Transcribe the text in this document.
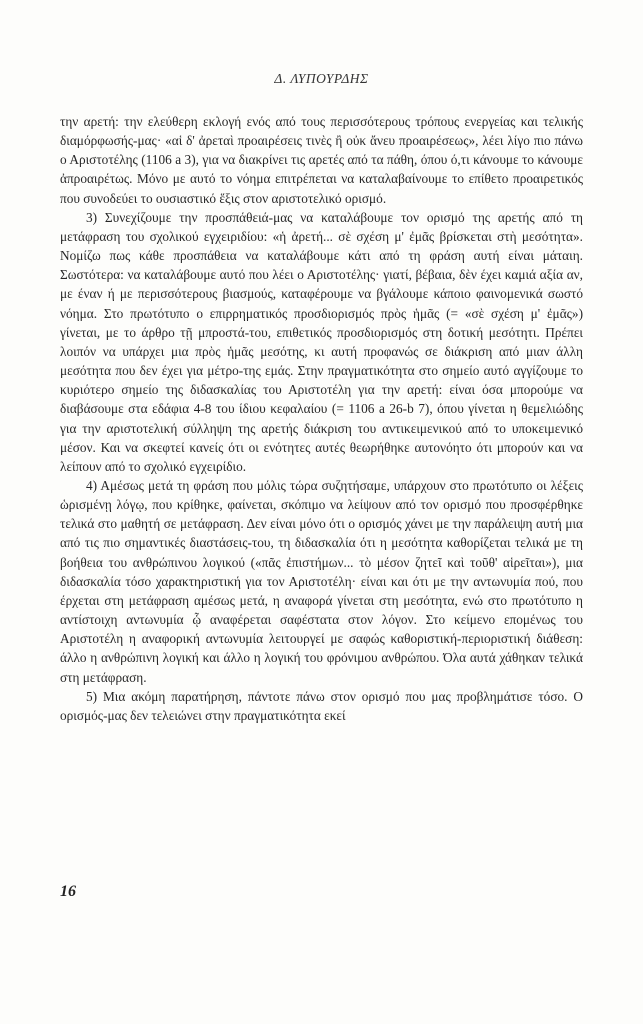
Δ. ΛΥΠΟΥΡΔΗΣ

την αρετή: την ελεύθερη εκλογή ενός από τους περισσότερους τρόπους ενεργείας και τελικής διαμόρφωσής-μας· «αἱ δ' ἀρεταὶ προαιρέσεις τινὲς ἢ οὐκ ἄνευ προαιρέσεως», λέει λίγο πιο πάνω ο Αριστοτέλης (1106 a 3), για να διακρίνει τις αρετές από τα πάθη, όπου ό,τι κάνουμε το κάνουμε ἀπροαιρέτως. Μόνο με αυτό το νόημα επιτρέπεται να καταλαβαίνουμε το επίθετο προαιρετικός που συνοδεύει το ουσιαστικό ἕξις στον αριστοτελικό ορισμό.

3) Συνεχίζουμε την προσπάθειά-μας να καταλάβουμε τον ορισμό της αρετής από τη μετάφραση του σχολικού εγχειριδίου: «ἡ ἀρετή... σὲ σχέση μ' ἐμᾶς βρίσκεται στὴ μεσότητα». Νομίζω πως κάθε προσπάθεια να καταλάβουμε κάτι από τη φράση αυτή είναι μάταιη. Σωστότερα: να καταλάβουμε αυτό που λέει ο Αριστοτέλης· γιατί, βέβαια, δὲν έχει καμιά αξία αν, με έναν ή με περισσότερους βιασμούς, καταφέρουμε να βγάλουμε κάποιο φαινομενικά σωστό νόημα. Στο πρωτότυπο ο επιρρηματικός προσδιορισμός πρὸς ἡμᾶς (= «σὲ σχέση μ' ἐμᾶς») γίνεται, με το άρθρο τῇ μπροστά-του, επιθετικός προσδιορισμός στη δοτική μεσότητι. Πρέπει λοιπόν να υπάρχει μια πρὸς ἡμᾶς μεσότης, κι αυτή προφανώς σε διάκριση από μιαν άλλη μεσότητα που δεν έχει για μέτρο-της εμάς. Στην πραγματικότητα στο σημείο αυτό αγγίζουμε το κυριότερο σημείο της διδασκαλίας του Αριστοτέλη για την αρετή: είναι όσα μπορούμε να διαβάσουμε στα εδάφια 4-8 του ίδιου κεφαλαίου (= 1106 a 26-b 7), όπου γίνεται η θεμελιώδης για την αριστοτελική σύλληψη της αρετής διάκριση του αντικειμενικού από το υποκειμενικό μέσον. Και να σκεφτεί κανείς ότι οι ενότητες αυτές θεωρήθηκε αυτονόητο ότι μπορούν και να λείπουν από το σχολικό εγχειρίδιο.

4) Αμέσως μετά τη φράση που μόλις τώρα συζητήσαμε, υπάρχουν στο πρωτότυπο οι λέξεις ὡρισμένῃ λόγῳ, που κρίθηκε, φαίνεται, σκόπιμο να λείψουν από τον ορισμό που προσφέρθηκε τελικά στο μαθητή σε μετάφραση. Δεν είναι μόνο ότι ο ορισμός χάνει με την παράλειψη αυτή μια από τις πιο σημαντικές διαστάσεις-του, τη διδασκαλία ότι η μεσότητα καθορίζεται τελικά με τη βοήθεια του ανθρώπινου λογικού («πᾶς ἐπιστήμων... τὸ μέσον ζητεῖ καὶ τοῦθ' αἱρεῖται»), μια διδασκαλία τόσο χαρακτηριστική για τον Αριστοτέλη· είναι και ότι με την αντωνυμία πού, που έρχεται στη μετάφραση αμέσως μετά, η αναφορά γίνεται στη μεσότητα, ενώ στο πρωτότυπο η αντίστοιχη αντωνυμία ᾧ αναφέρεται σαφέστατα στον λόγον. Στο κείμενο επομένως του Αριστοτέλη η αναφορική αντωνυμία λειτουργεί με σαφώς καθοριστική-περιοριστική διάθεση: άλλο η ανθρώπινη λογική και άλλο η λογική του φρόνιμου ανθρώπου. Όλα αυτά χάθηκαν τελικά στη μετάφραση.

5) Μια ακόμη παρατήρηση, πάντοτε πάνω στον ορισμό που μας προβλημάτισε τόσο. Ο ορισμός-μας δεν τελειώνει στην πραγματικότητα εκεί

16
